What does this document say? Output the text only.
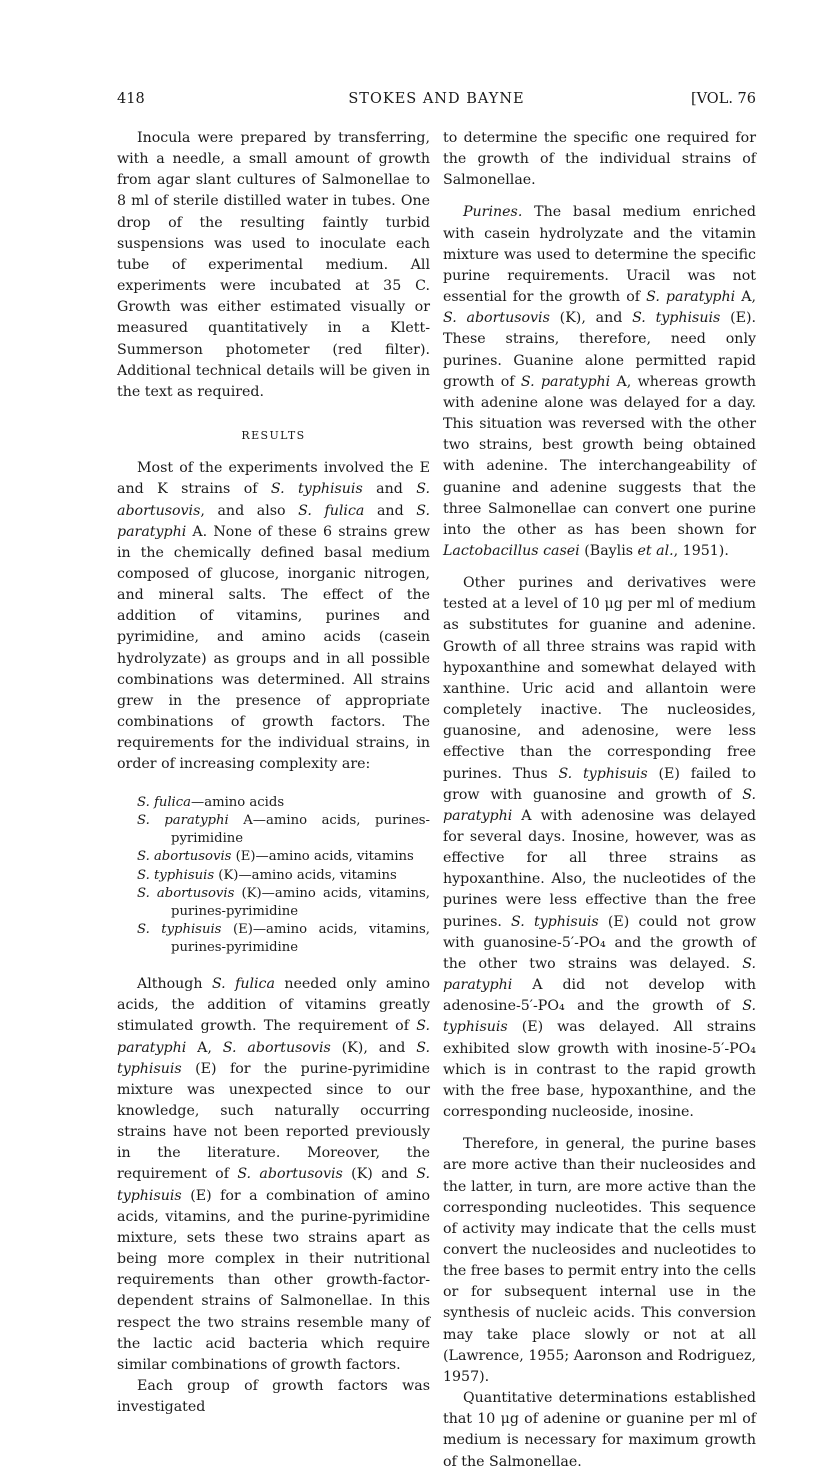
418	STOKES AND BAYNE	[VOL. 76

Inocula were prepared by transferring, with a needle, a small amount of growth from agar slant cultures of Salmonellae to 8 ml of sterile distilled water in tubes. One drop of the resulting faintly turbid suspensions was used to inoculate each tube of experimental medium. All experiments were incubated at 35 C. Growth was either estimated visually or measured quantitatively in a Klett-Summerson photometer (red filter). Additional technical details will be given in the text as required.

RESULTS

Most of the experiments involved the E and K strains of S. typhisuis and S. abortusovis, and also S. fulica and S. paratyphi A. None of these 6 strains grew in the chemically defined basal medium composed of glucose, inorganic nitrogen, and mineral salts. The effect of the addition of vitamins, purines and pyrimidine, and amino acids (casein hydrolyzate) as groups and in all possible combinations was determined. All strains grew in the presence of appropriate combinations of growth factors. The requirements for the individual strains, in order of increasing complexity are:

S. fulica—amino acids
S. paratyphi A—amino acids, purines-pyrimidine
S. abortusovis (E)—amino acids, vitamins
S. typhisuis (K)—amino acids, vitamins
S. abortusovis (K)—amino acids, vitamins, purines-pyrimidine
S. typhisuis (E)—amino acids, vitamins, purines-pyrimidine

Although S. fulica needed only amino acids, the addition of vitamins greatly stimulated growth. The requirement of S. paratyphi A, S. abortusovis (K), and S. typhisuis (E) for the purine-pyrimidine mixture was unexpected since to our knowledge, such naturally occurring strains have not been reported previously in the literature. Moreover, the requirement of S. abortusovis (K) and S. typhisuis (E) for a combination of amino acids, vitamins, and the purine-pyrimidine mixture, sets these two strains apart as being more complex in their nutritional requirements than other growth-factor-dependent strains of Salmonellae. In this respect the two strains resemble many of the lactic acid bacteria which require similar combinations of growth factors.

Each group of growth factors was investigated

to determine the specific one required for the growth of the individual strains of Salmonellae.

Purines. The basal medium enriched with casein hydrolyzate and the vitamin mixture was used to determine the specific purine requirements. Uracil was not essential for the growth of S. paratyphi A, S. abortusovis (K), and S. typhisuis (E). These strains, therefore, need only purines. Guanine alone permitted rapid growth of S. paratyphi A, whereas growth with adenine alone was delayed for a day. This situation was reversed with the other two strains, best growth being obtained with adenine. The interchangeability of guanine and adenine suggests that the three Salmonellae can convert one purine into the other as has been shown for Lactobacillus casei (Baylis et al., 1951).

Other purines and derivatives were tested at a level of 10 μg per ml of medium as substitutes for guanine and adenine. Growth of all three strains was rapid with hypoxanthine and somewhat delayed with xanthine. Uric acid and allantoin were completely inactive. The nucleosides, guanosine, and adenosine, were less effective than the corresponding free purines. Thus S. typhisuis (E) failed to grow with guanosine and growth of S. paratyphi A with adenosine was delayed for several days. Inosine, however, was as effective for all three strains as hypoxanthine. Also, the nucleotides of the purines were less effective than the free purines. S. typhisuis (E) could not grow with guanosine-5′-PO₄ and the growth of the other two strains was delayed. S. paratyphi A did not develop with adenosine-5′-PO₄ and the growth of S. typhisuis (E) was delayed. All strains exhibited slow growth with inosine-5′-PO₄ which is in contrast to the rapid growth with the free base, hypoxanthine, and the corresponding nucleoside, inosine.

Therefore, in general, the purine bases are more active than their nucleosides and the latter, in turn, are more active than the corresponding nucleotides. This sequence of activity may indicate that the cells must convert the nucleosides and nucleotides to the free bases to permit entry into the cells or for subsequent internal use in the synthesis of nucleic acids. This conversion may take place slowly or not at all (Lawrence, 1955; Aaronson and Rodriguez, 1957).

Quantitative determinations established that 10 μg of adenine or guanine per ml of medium is necessary for maximum growth of the Salmonellae.
